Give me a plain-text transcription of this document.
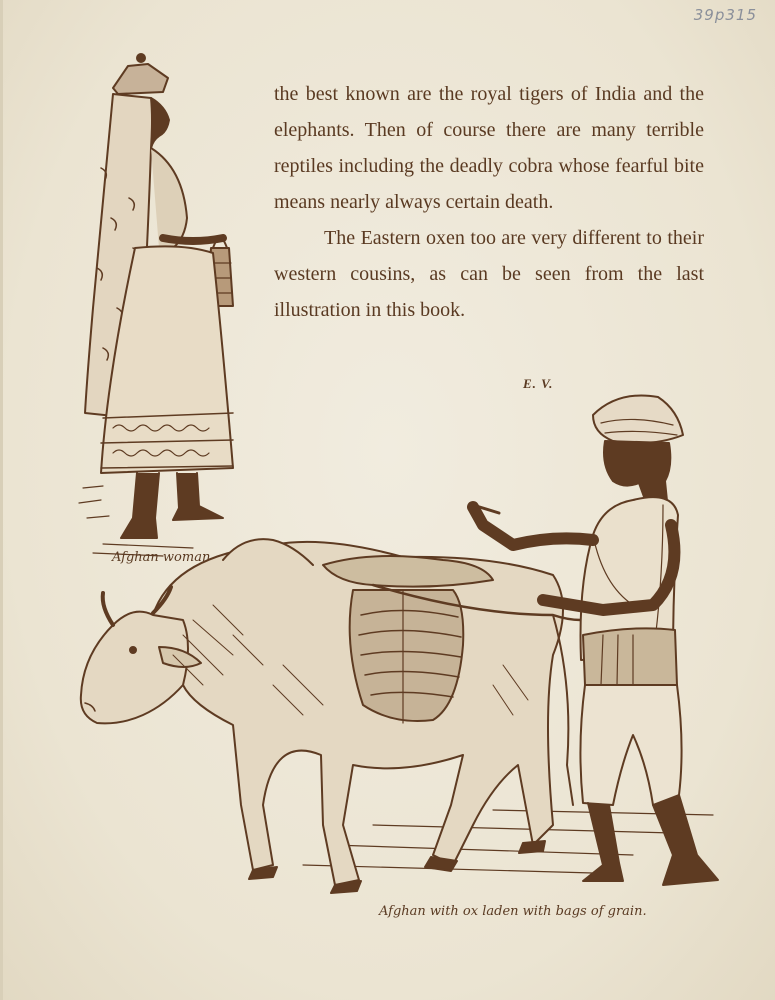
39p315
Afghan woman

the best known are the royal tigers of India and the elephants. Then of course there are many terrible reptiles including the deadly cobra whose fearful bite means nearly always certain death.

The Eastern oxen too are very different to their western cousins, as can be seen from the last illustration in this book.

E. V.
Afghan with ox laden with bags of grain.
